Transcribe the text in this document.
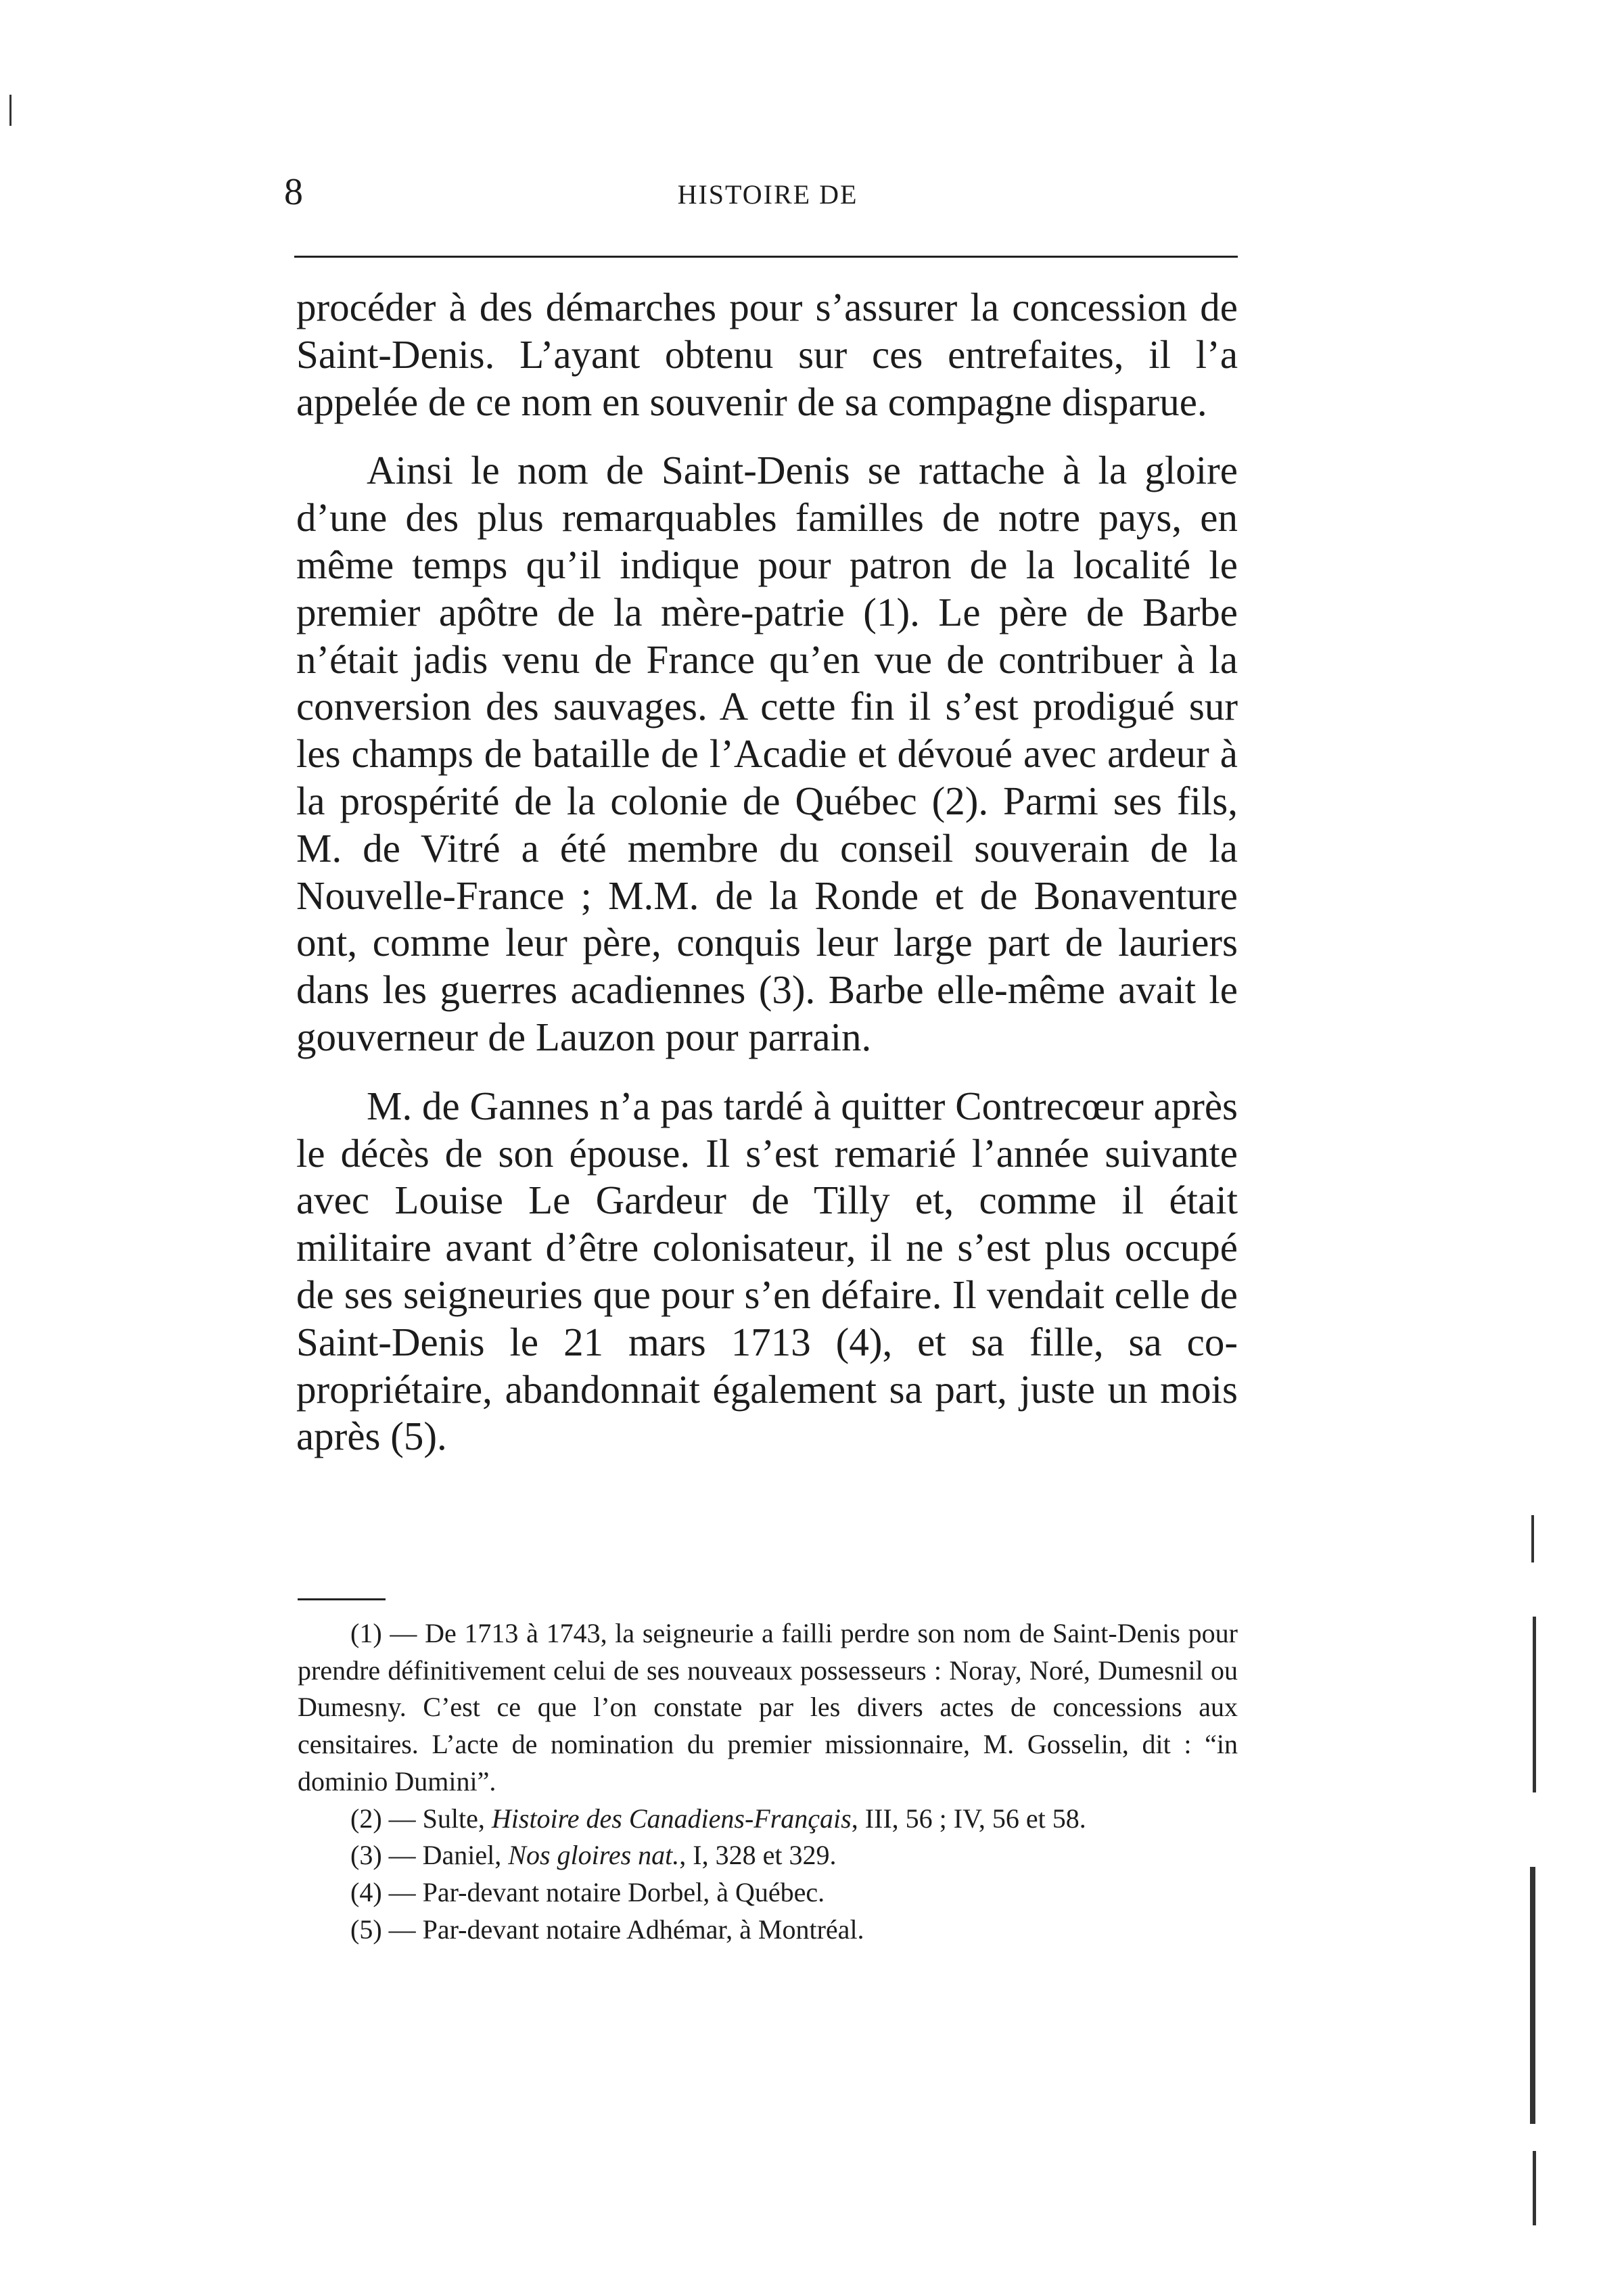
8	HISTOIRE DE

procéder à des démarches pour s’assurer la concession de Saint-Denis. L’ayant obtenu sur ces entrefaites, il l’a appelée de ce nom en souvenir de sa compagne disparue.

Ainsi le nom de Saint-Denis se rattache à la gloire d’une des plus remarquables familles de notre pays, en même temps qu’il indique pour patron de la localité le premier apôtre de la mère-patrie (1). Le père de Barbe n’était jadis venu de France qu’en vue de contribuer à la conversion des sauvages. A cette fin il s’est prodigué sur les champs de bataille de l’Acadie et dévoué avec ardeur à la prospérité de la colonie de Québec (2). Parmi ses fils, M. de Vitré a été membre du conseil souverain de la Nouvelle-France ; M.M. de la Ronde et de Bonaventure ont, comme leur père, conquis leur large part de lauriers dans les guerres acadiennes (3). Barbe elle-même avait le gouverneur de Lauzon pour parrain.

M. de Gannes n’a pas tardé à quitter Contrecœur après le décès de son épouse. Il s’est remarié l’année suivante avec Louise Le Gardeur de Tilly et, comme il était militaire avant d’être colonisateur, il ne s’est plus occupé de ses seigneuries que pour s’en défaire. Il vendait celle de Saint-Denis le 21 mars 1713 (4), et sa fille, sa co-propriétaire, abandonnait également sa part, juste un mois après (5).

(1) — De 1713 à 1743, la seigneurie a failli perdre son nom de Saint-Denis pour prendre définitivement celui de ses nouveaux possesseurs : Noray, Noré, Dumesnil ou Dumesny. C’est ce que l’on constate par les divers actes de concessions aux censitaires. L’acte de nomination du premier missionnaire, M. Gosselin, dit : “in dominio Dumini”.

(2) — Sulte, Histoire des Canadiens-Français, III, 56 ; IV, 56 et 58.

(3) — Daniel, Nos gloires nat., I, 328 et 329.

(4) — Par-devant notaire Dorbel, à Québec.

(5) — Par-devant notaire Adhémar, à Montréal.
